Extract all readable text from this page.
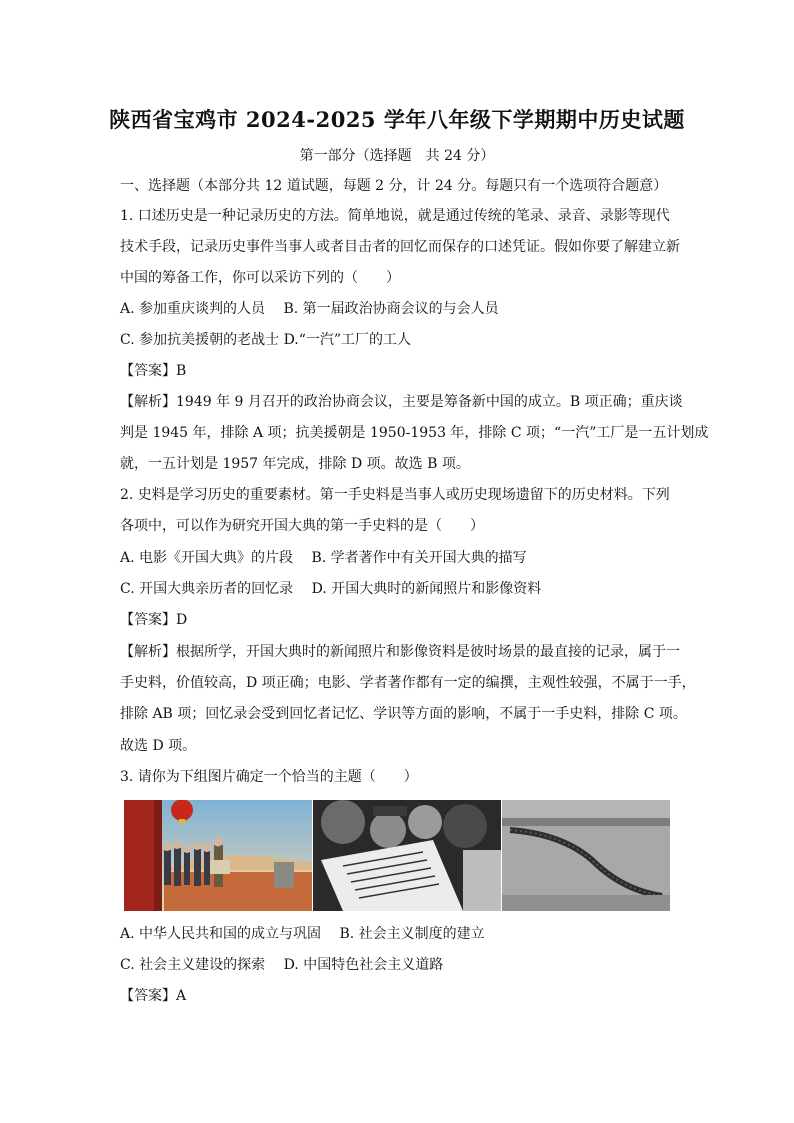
陕西省宝鸡市 2024-2025 学年八年级下学期期中历史试题
第一部分（选择题　共 24 分）
一、选择题（本部分共 12 道试题，每题 2 分，计 24 分。每题只有一个选项符合题意）
1. 口述历史是一种记录历史的方法。简单地说，就是通过传统的笔录、录音、录影等现代
技术手段，记录历史事件当事人或者目击者的回忆而保存的口述凭证。假如你要了解建立新
中国的筹备工作，你可以采访下列的（　　）
A. 参加重庆谈判的人员　 B. 第一届政治协商会议的与会人员
C. 参加抗美援朝的老战士 D.“一汽”工厂的工人
【答案】B
【解析】1949 年 9 月召开的政治协商会议，主要是筹备新中国的成立。B 项正确；重庆谈
判是 1945 年，排除 A 项；抗美援朝是 1950-1953 年，排除 C 项；“一汽”工厂是一五计划成
就，一五计划是 1957 年完成，排除 D 项。故选 B 项。
2. 史料是学习历史的重要素材。第一手史料是当事人或历史现场遗留下的历史材料。下列
各项中，可以作为研究开国大典的第一手史料的是（　　）
A. 电影《开国大典》的片段　 B. 学者著作中有关开国大典的描写
C. 开国大典亲历者的回忆录　 D. 开国大典时的新闻照片和影像资料
【答案】D
【解析】根据所学，开国大典时的新闻照片和影像资料是彼时场景的最直接的记录，属于一
手史料，价值较高，D 项正确；电影、学者著作都有一定的编撰，主观性较强，不属于一手，
排除 AB 项；回忆录会受到回忆者记忆、学识等方面的影响，不属于一手史料，排除 C 项。
故选 D 项。
3. 请你为下组图片确定一个恰当的主题（　　）
A. 中华人民共和国的成立与巩固　 B. 社会主义制度的建立
C. 社会主义建设的探索　 D. 中国特色社会主义道路
【答案】A
